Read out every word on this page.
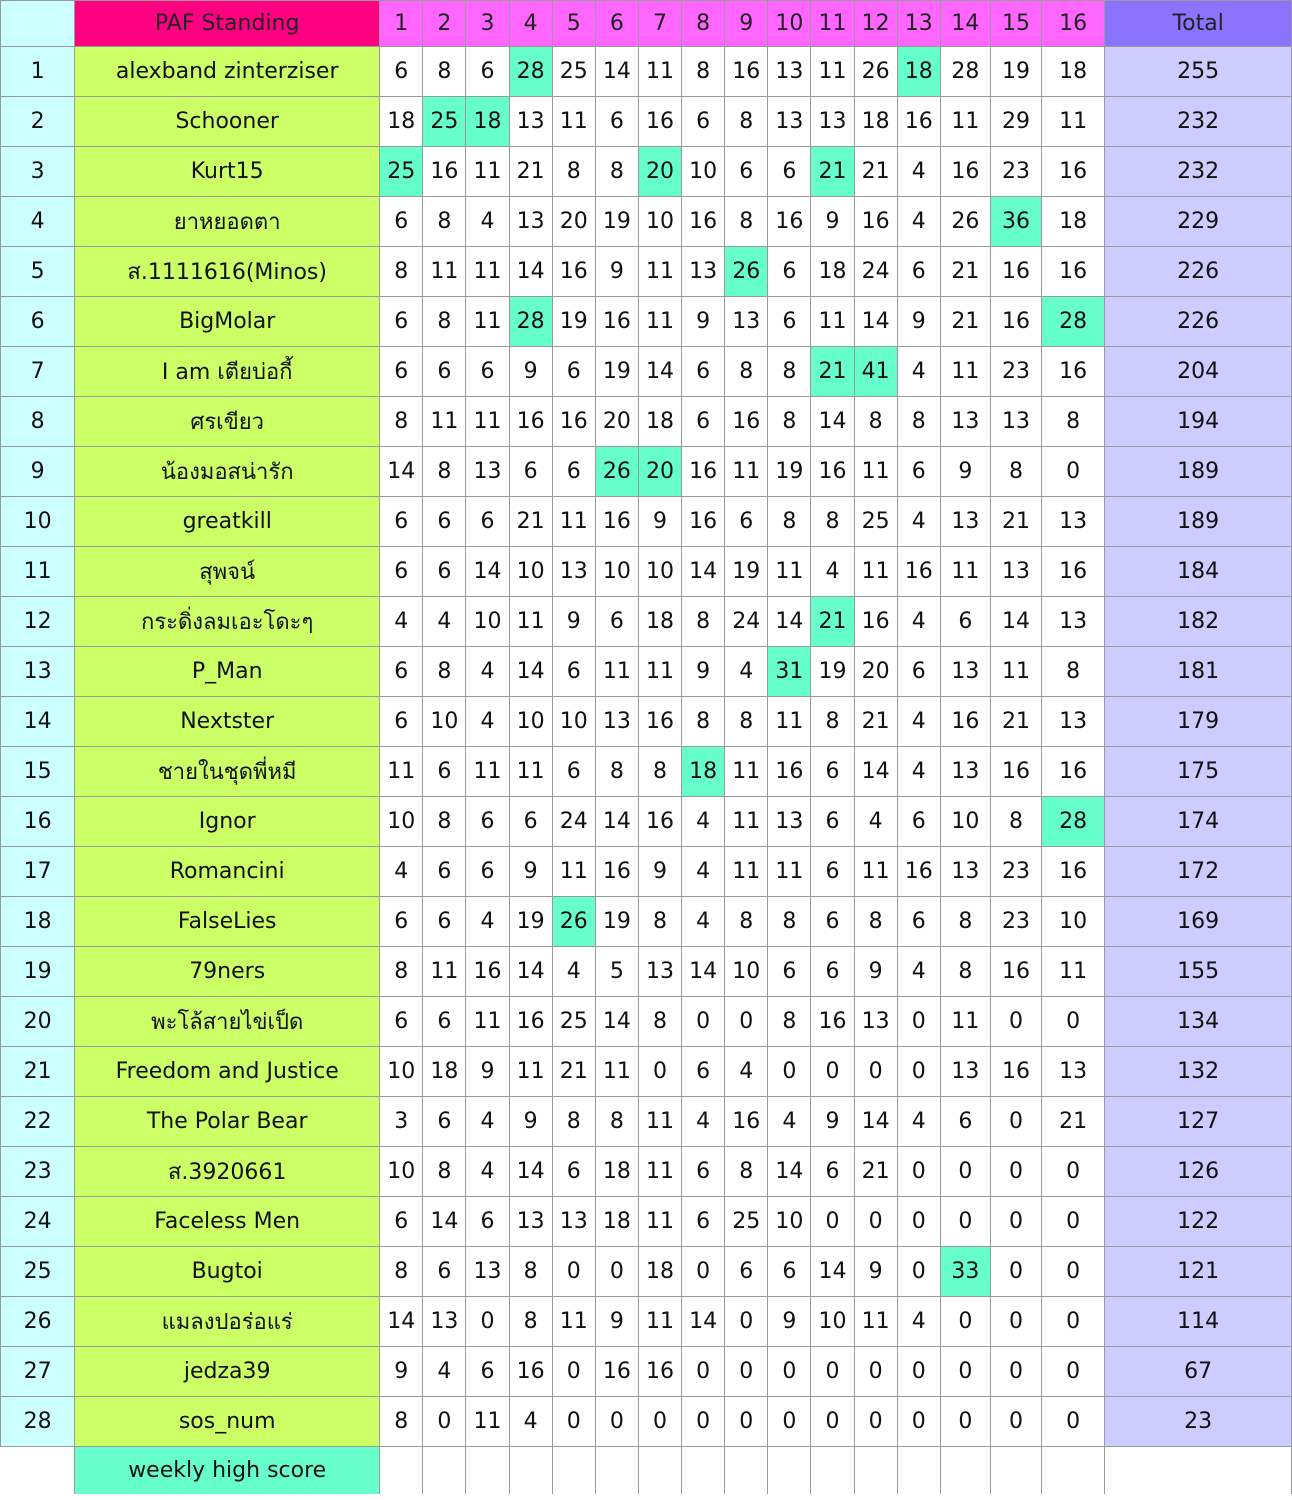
	PAF Standing	1	2	3	4	5	6	7	8	9	10	11	12	13	14	15	16	Total
1	alexband zinterziser	6	8	6	28	25	14	11	8	16	13	11	26	18	28	19	18	255
2	Schooner	18	25	18	13	11	6	16	6	8	13	13	18	16	11	29	11	232
3	Kurt15	25	16	11	21	8	8	20	10	6	6	21	21	4	16	23	16	232
4	ยาหยอดตา	6	8	4	13	20	19	10	16	8	16	9	16	4	26	36	18	229
5	ส.1111616(Minos)	8	11	11	14	16	9	11	13	26	6	18	24	6	21	16	16	226
6	BigMolar	6	8	11	28	19	16	11	9	13	6	11	14	9	21	16	28	226
7	I am เตียบ่อกี้	6	6	6	9	6	19	14	6	8	8	21	41	4	11	23	16	204
8	ศรเขียว	8	11	11	16	16	20	18	6	16	8	14	8	8	13	13	8	194
9	น้องมอสน่ารัก	14	8	13	6	6	26	20	16	11	19	16	11	6	9	8	0	189
10	greatkill	6	6	6	21	11	16	9	16	6	8	8	25	4	13	21	13	189
11	สุพจน์	6	6	14	10	13	10	10	14	19	11	4	11	16	11	13	16	184
12	กระดิ่งลมเอะโดะๆ	4	4	10	11	9	6	18	8	24	14	21	16	4	6	14	13	182
13	P_Man	6	8	4	14	6	11	11	9	4	31	19	20	6	13	11	8	181
14	Nextster	6	10	4	10	10	13	16	8	8	11	8	21	4	16	21	13	179
15	ชายในชุดพี่หมี	11	6	11	11	6	8	8	18	11	16	6	14	4	13	16	16	175
16	Ignor	10	8	6	6	24	14	16	4	11	13	6	4	6	10	8	28	174
17	Romancini	4	6	6	9	11	16	9	4	11	11	6	11	16	13	23	16	172
18	FalseLies	6	6	4	19	26	19	8	4	8	8	6	8	6	8	23	10	169
19	79ners	8	11	16	14	4	5	13	14	10	6	6	9	4	8	16	11	155
20	พะโล้สายไข่เป็ด	6	6	11	16	25	14	8	0	0	8	16	13	0	11	0	0	134
21	Freedom and Justice	10	18	9	11	21	11	0	6	4	0	0	0	0	13	16	13	132
22	The Polar Bear	3	6	4	9	8	8	11	4	16	4	9	14	4	6	0	21	127
23	ส.3920661	10	8	4	14	6	18	11	6	8	14	6	21	0	0	0	0	126
24	Faceless Men	6	14	6	13	13	18	11	6	25	10	0	0	0	0	0	0	122
25	Bugtoi	8	6	13	8	0	0	18	0	6	6	14	9	0	33	0	0	121
26	แมลงปอร่อแร่	14	13	0	8	11	9	11	14	0	9	10	11	4	0	0	0	114
27	jedza39	9	4	6	16	0	16	16	0	0	0	0	0	0	0	0	0	67
28	sos_num	8	0	11	4	0	0	0	0	0	0	0	0	0	0	0	0	23
	weekly high score																	
